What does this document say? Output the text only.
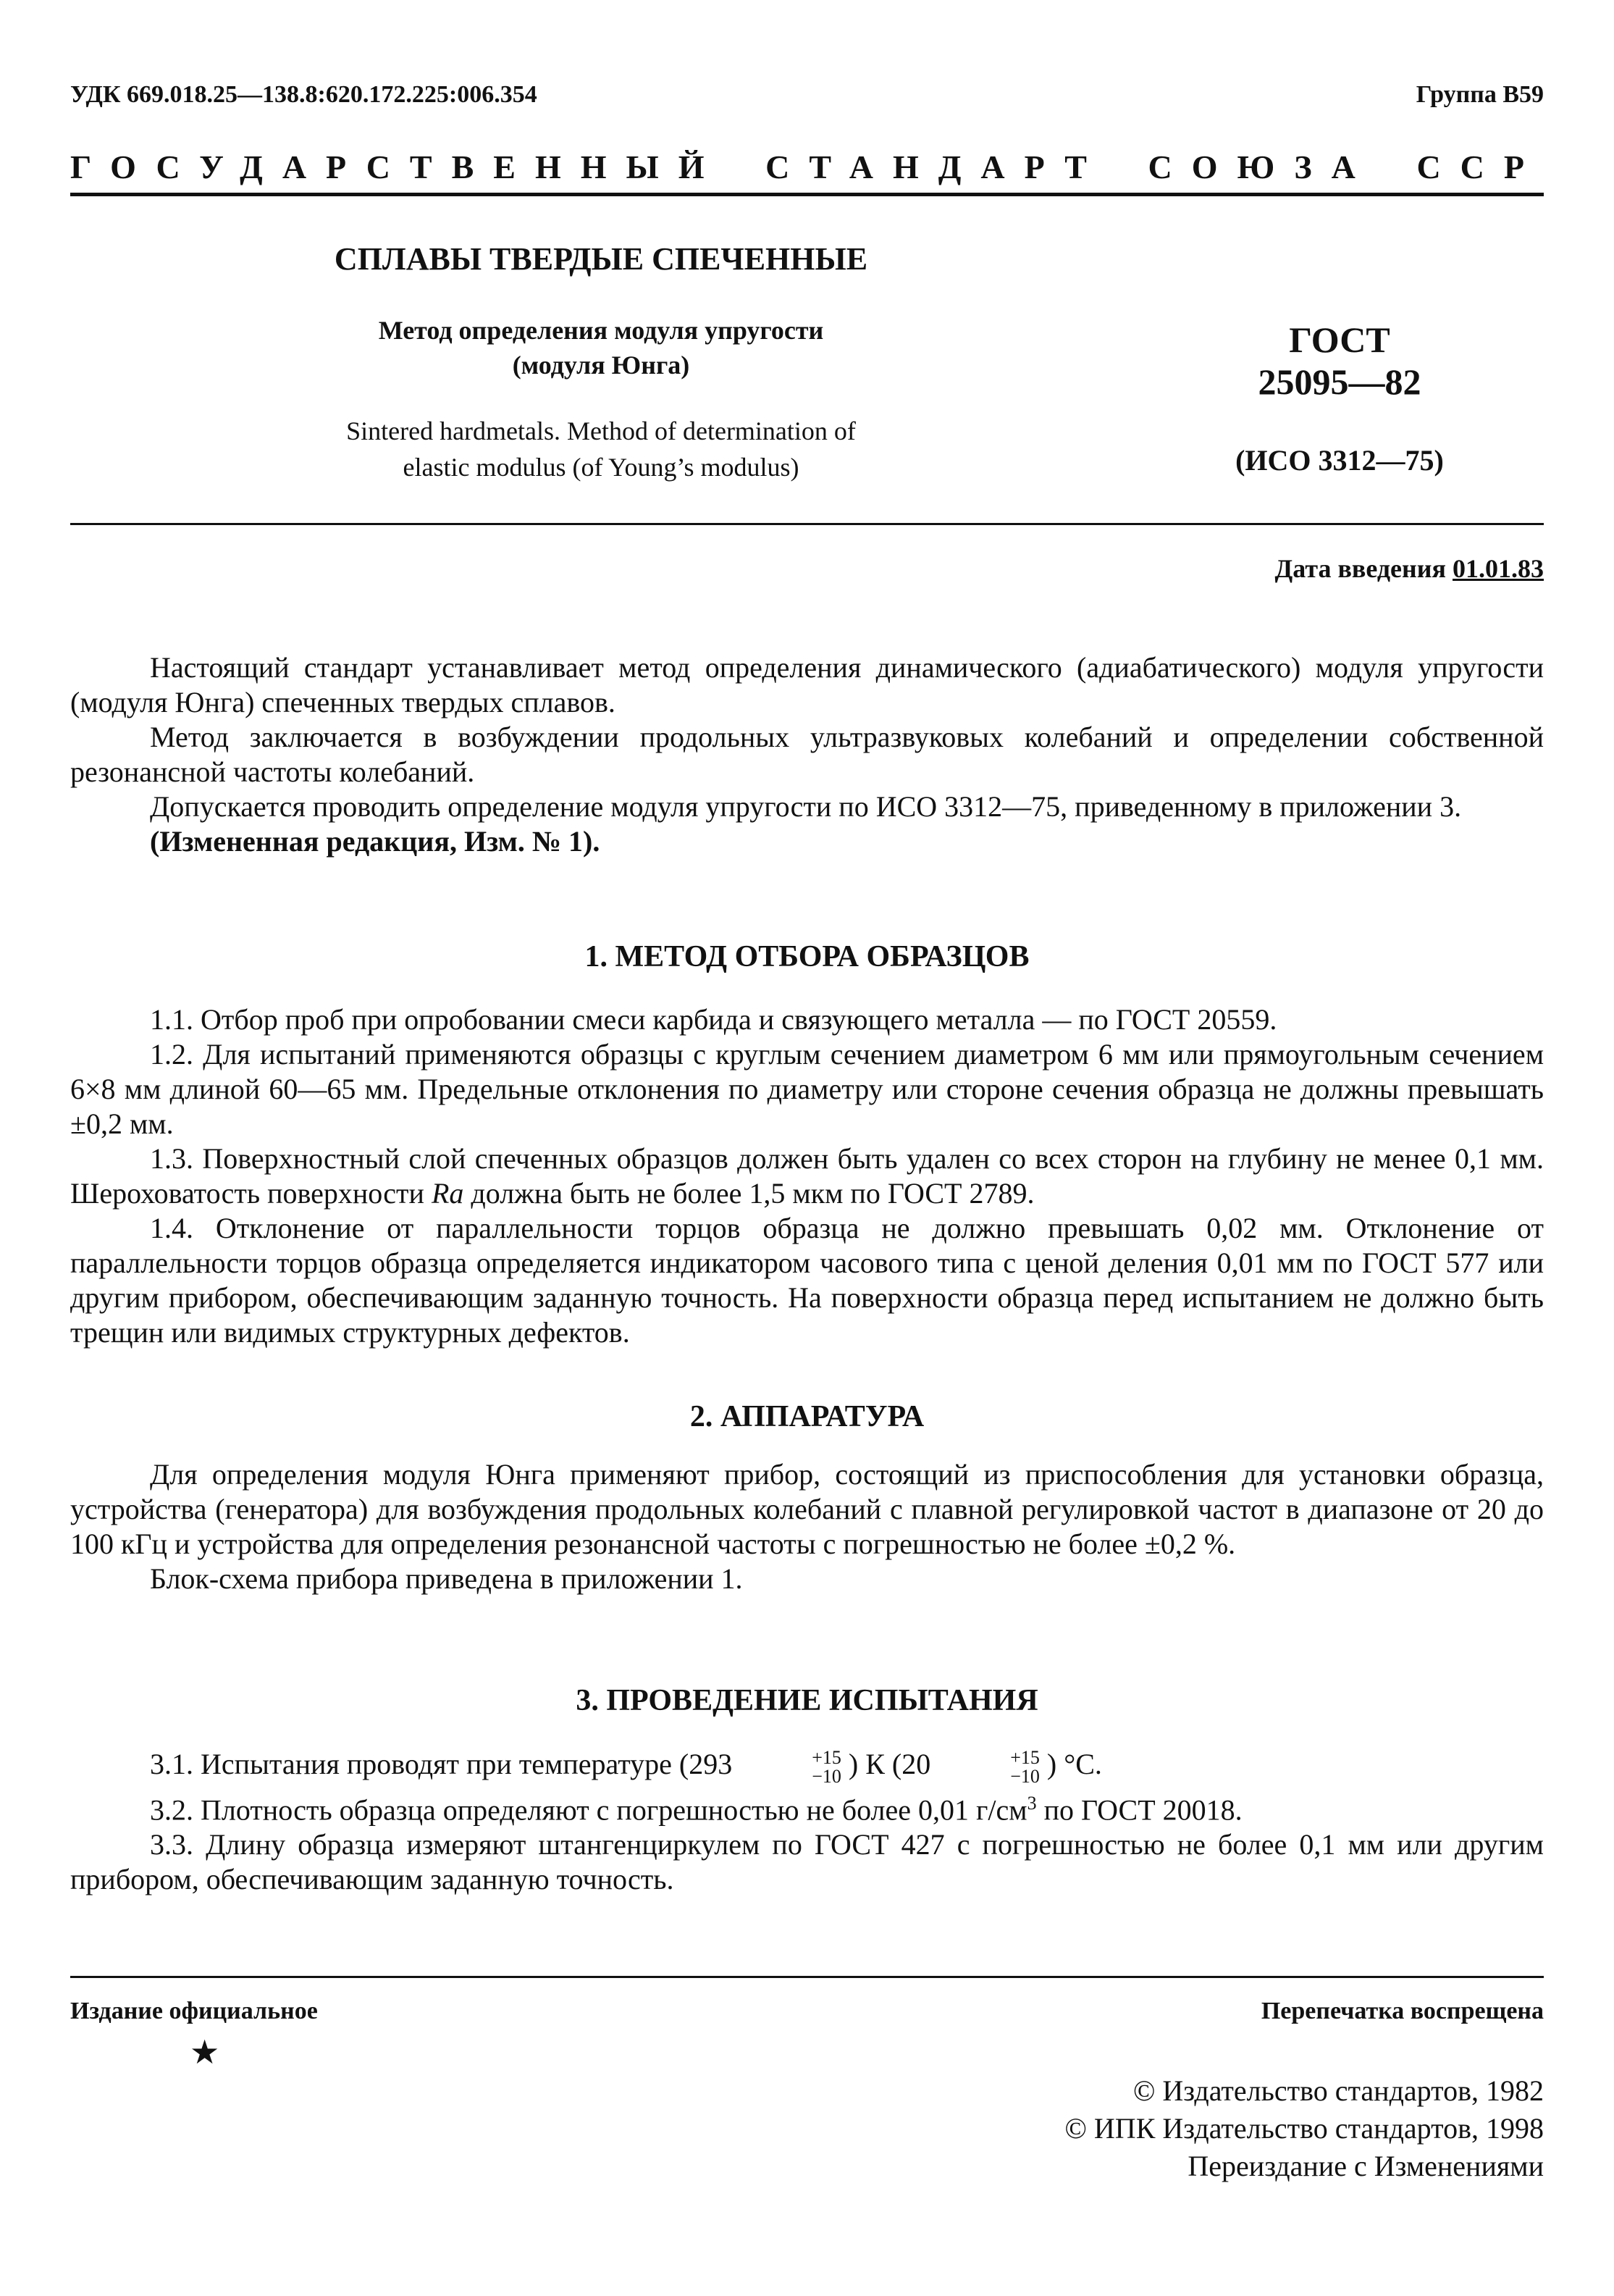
УДК 669.018.25—138.8:620.172.225:006.354	Группа В59
ГОСУДАРСТВЕННЫЙ СТАНДАРТ СОЮЗА ССР
СПЛАВЫ ТВЕРДЫЕ СПЕЧЕННЫЕ
Метод определения модуля упругости
(модуля Юнга)
Sintered hardmetals. Method of determination of
elastic modulus (of Young’s modulus)
ГОСТ
25095—82
(ИСО 3312—75)
Дата введения 01.01.83

Настоящий стандарт устанавливает метод определения динамического (адиабатического) модуля упругости (модуля Юнга) спеченных твердых сплавов.

Метод заключается в возбуждении продольных ультразвуковых колебаний и определении собственной резонансной частоты колебаний.

Допускается проводить определение модуля упругости по ИСО 3312—75, приведенному в приложении 3.

(Измененная редакция, Изм. № 1).

1. МЕТОД ОТБОРА ОБРАЗЦОВ

1.1. Отбор проб при опробовании смеси карбида и связующего металла — по ГОСТ 20559.

1.2. Для испытаний применяются образцы с круглым сечением диаметром 6 мм или прямоугольным сечением 6×8 мм длиной 60—65 мм. Предельные отклонения по диаметру или стороне сечения образца не должны превышать ±0,2 мм.

1.3. Поверхностный слой спеченных образцов должен быть удален со всех сторон на глубину не менее 0,1 мм. Шероховатость поверхности Ra должна быть не более 1,5 мкм по ГОСТ 2789.

1.4. Отклонение от параллельности торцов образца не должно превышать 0,02 мм. Отклонение от параллельности торцов образца определяется индикатором часового типа с ценой деления 0,01 мм по ГОСТ 577 или другим прибором, обеспечивающим заданную точность. На поверхности образца перед испытанием не должно быть трещин или видимых структурных дефектов.

2. АППАРАТУРА

Для определения модуля Юнга применяют прибор, состоящий из приспособления для установки образца, устройства (генератора) для возбуждения продольных колебаний с плавной регулировкой частот в диапазоне от 20 до 100 кГц и устройства для определения резонансной частоты с погрешностью не более ±0,2 %.

Блок-схема прибора приведена в приложении 1.

3. ПРОВЕДЕНИЕ ИСПЫТАНИЯ

3.1. Испытания проводят при температуре (293	+15
−10 ) К (20	+15
−10 ) °С.

3.2. Плотность образца определяют с погрешностью не более 0,01 $г/см^3$ по ГОСТ 20018.

3.3. Длину образца измеряют штангенциркулем по ГОСТ 427 с погрешностью не более 0,1 мм или другим прибором, обеспечивающим заданную точность.

Издание официальное
★
Перепечатка воспрещена
© Издательство стандартов, 1982
© ИПК Издательство стандартов, 1998
Переиздание с Изменениями
